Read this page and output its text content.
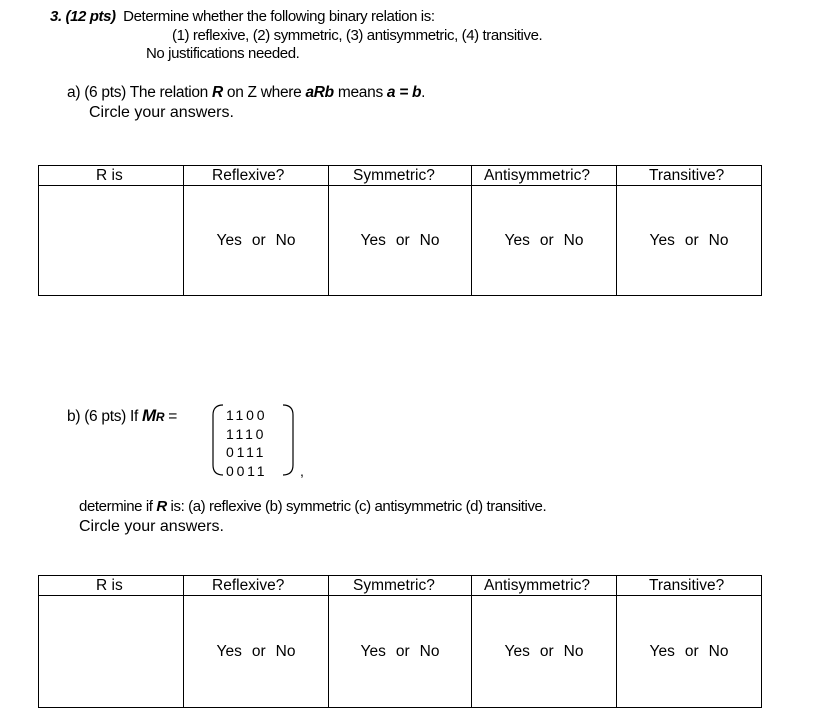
3. (12 pts) Determine whether the following binary relation is:
(1) reflexive, (2) symmetric, (3) antisymmetric, (4) transitive.
No justifications needed.
a) (6 pts) The relation R on Z where aRb means a = b.
Circle your answers.
R is	Reflexive?	Symmetric?	Antisymmetric?	Transitive?
	Yes or No	Yes or No	Yes or No	Yes or No
b) (6 pts) If MR =	1100
1110
0111
0011 ,
determine if R is: (a) reflexive (b) symmetric (c) antisymmetric (d) transitive.
Circle your answers.
R is	Reflexive?	Symmetric?	Antisymmetric?	Transitive?
	Yes or No	Yes or No	Yes or No	Yes or No
